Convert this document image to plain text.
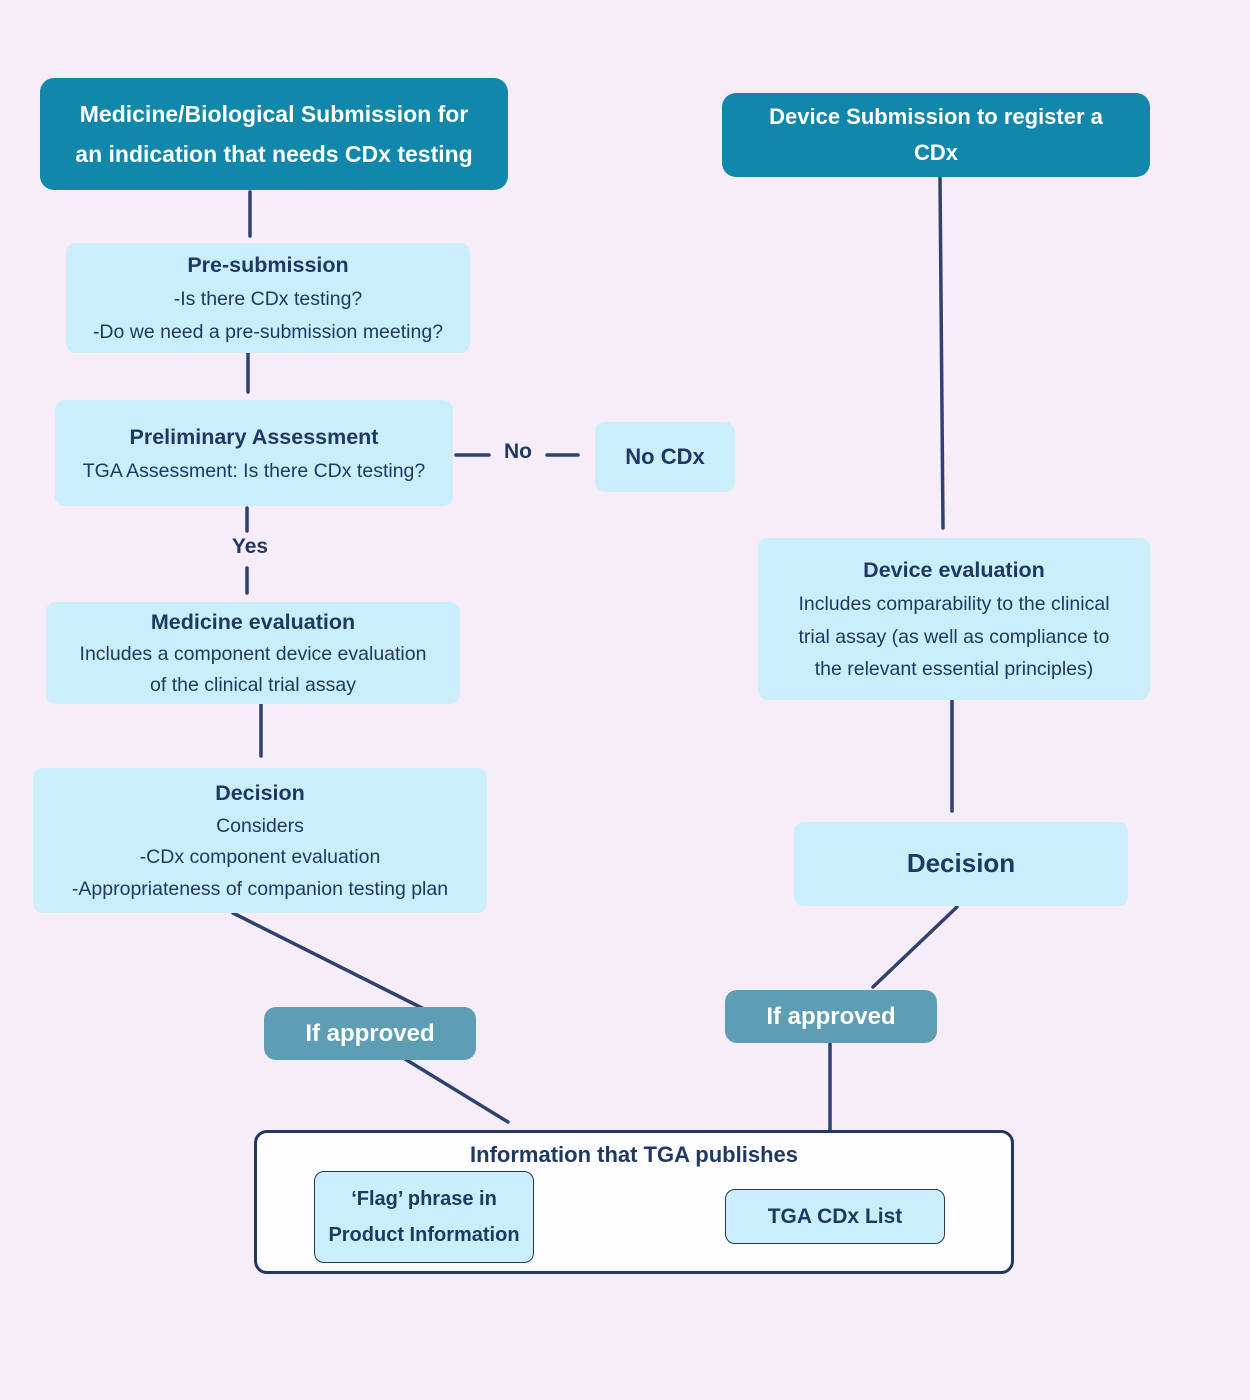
Medicine/Biological Submission for
an indication that needs CDx testing
Pre-submission
-Is there CDx testing?
-Do we need a pre-submission meeting?
Preliminary Assessment
TGA Assessment: Is there CDx testing?
No	No CDx
Yes
Medicine evaluation
Includes a component device evaluation
of the clinical trial assay
Decision
Considers
-CDx component evaluation
-Appropriateness of companion testing plan
If approved
Device Submission to register a
CDx
Device evaluation
Includes comparability to the clinical
trial assay (as well as compliance to
the relevant essential principles)
Decision
If approved
Information that TGA publishes
‘Flag’ phrase in
Product Information
TGA CDx List
